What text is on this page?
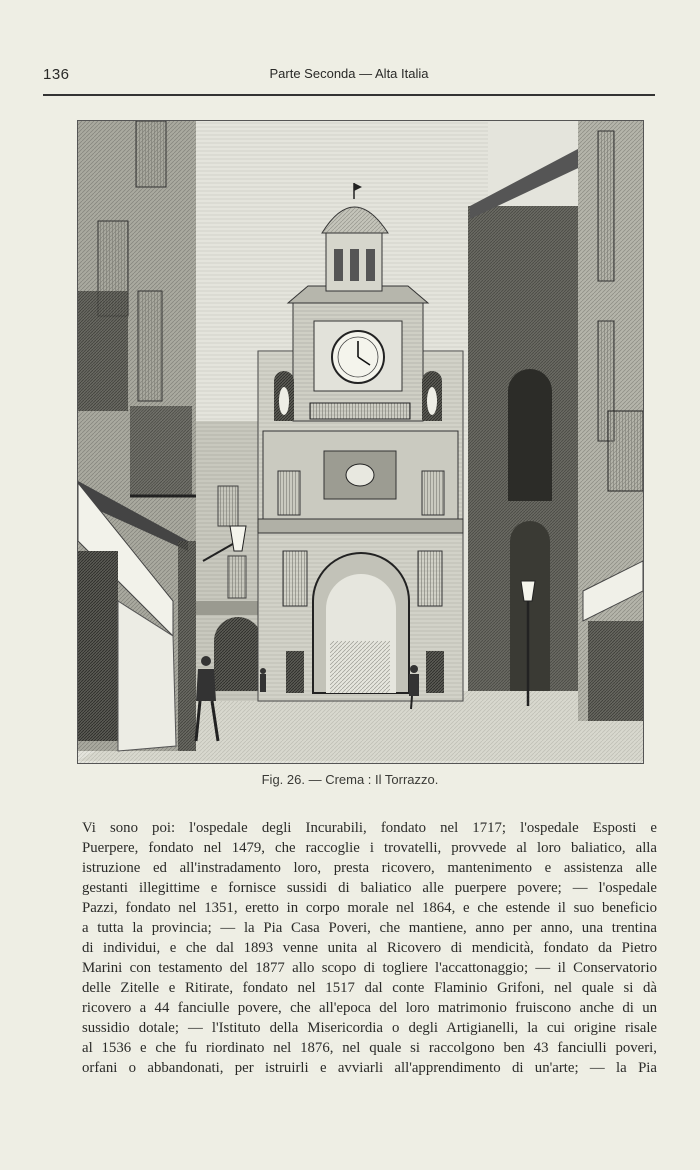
136	Parte Seconda — Alta Italia
Fig. 26. — Crema : Il Torrazzo.
Vi sono poi: l'ospedale degli Incurabili, fondato nel 1717; l'ospedale Esposti e
Puerpere, fondato nel 1479, che raccoglie i trovatelli, provvede al loro baliatico, alla
istruzione ed all'instradamento loro, presta ricovero, mantenimento e assistenza alle
gestanti illegittime e fornisce sussidi di baliatico alle puerpere povere; — l'ospedale
Pazzi, fondato nel 1351, eretto in corpo morale nel 1864, e che estende il suo beneficio
a tutta la provincia; — la Pia Casa Poveri, che mantiene, anno per anno, una trentina
di individui, e che dal 1893 venne unita al Ricovero di mendicità, fondato da Pietro
Marini con testamento del 1877 allo scopo di togliere l'accattonaggio; — il Conservatorio
delle Zitelle e Ritirate, fondato nel 1517 dal conte Flaminio Grifoni, nel quale si dà
ricovero a 44 fanciulle povere, che all'epoca del loro matrimonio fruiscono anche di un
sussidio dotale; — l'Istituto della Misericordia o degli Artigianelli, la cui origine risale
al 1536 e che fu riordinato nel 1876, nel quale si raccolgono ben 43 fanciulli poveri,
orfani o abbandonati, per istruirli e avviarli all'apprendimento di un'arte; — la Pia
